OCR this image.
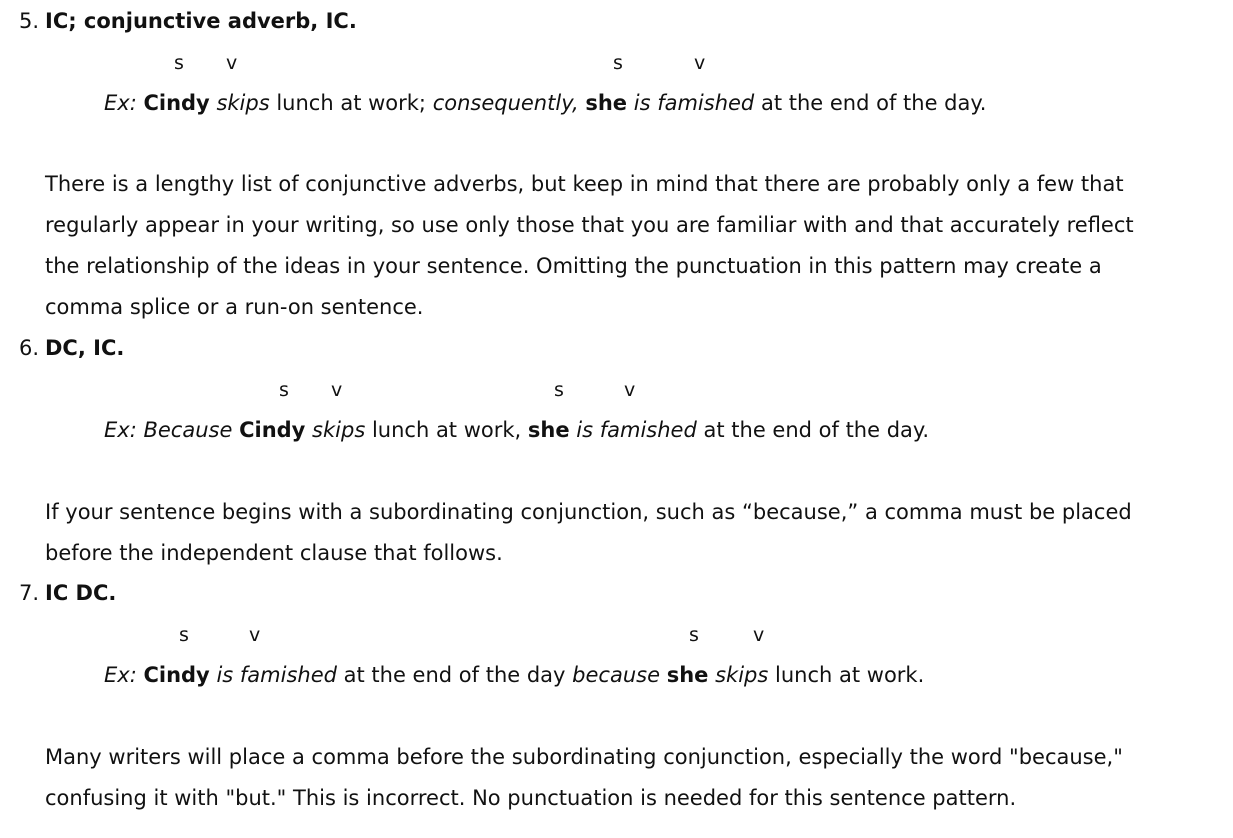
5. IC; conjunctive adverb, IC.
s v	s	v
Ex: Cindy skips lunch at work; consequently, she is famished at the end of the day.
There is a lengthy list of conjunctive adverbs, but keep in mind that there are probably only a few that
regularly appear in your writing, so use only those that you are familiar with and that accurately reflect
the relationship of the ideas in your sentence. Omitting the punctuation in this pattern may create a
comma splice or a run-on sentence.
6. DC, IC.
s v	s	v
Ex: Because Cindy skips lunch at work, she is famished at the end of the day.
If your sentence begins with a subordinating conjunction, such as “because,” a comma must be placed
before the independent clause that follows.
7. IC DC.
s	v	s	v
Ex: Cindy is famished at the end of the day because she skips lunch at work.
Many writers will place a comma before the subordinating conjunction, especially the word "because,"
confusing it with "but." This is incorrect. No punctuation is needed for this sentence pattern.
